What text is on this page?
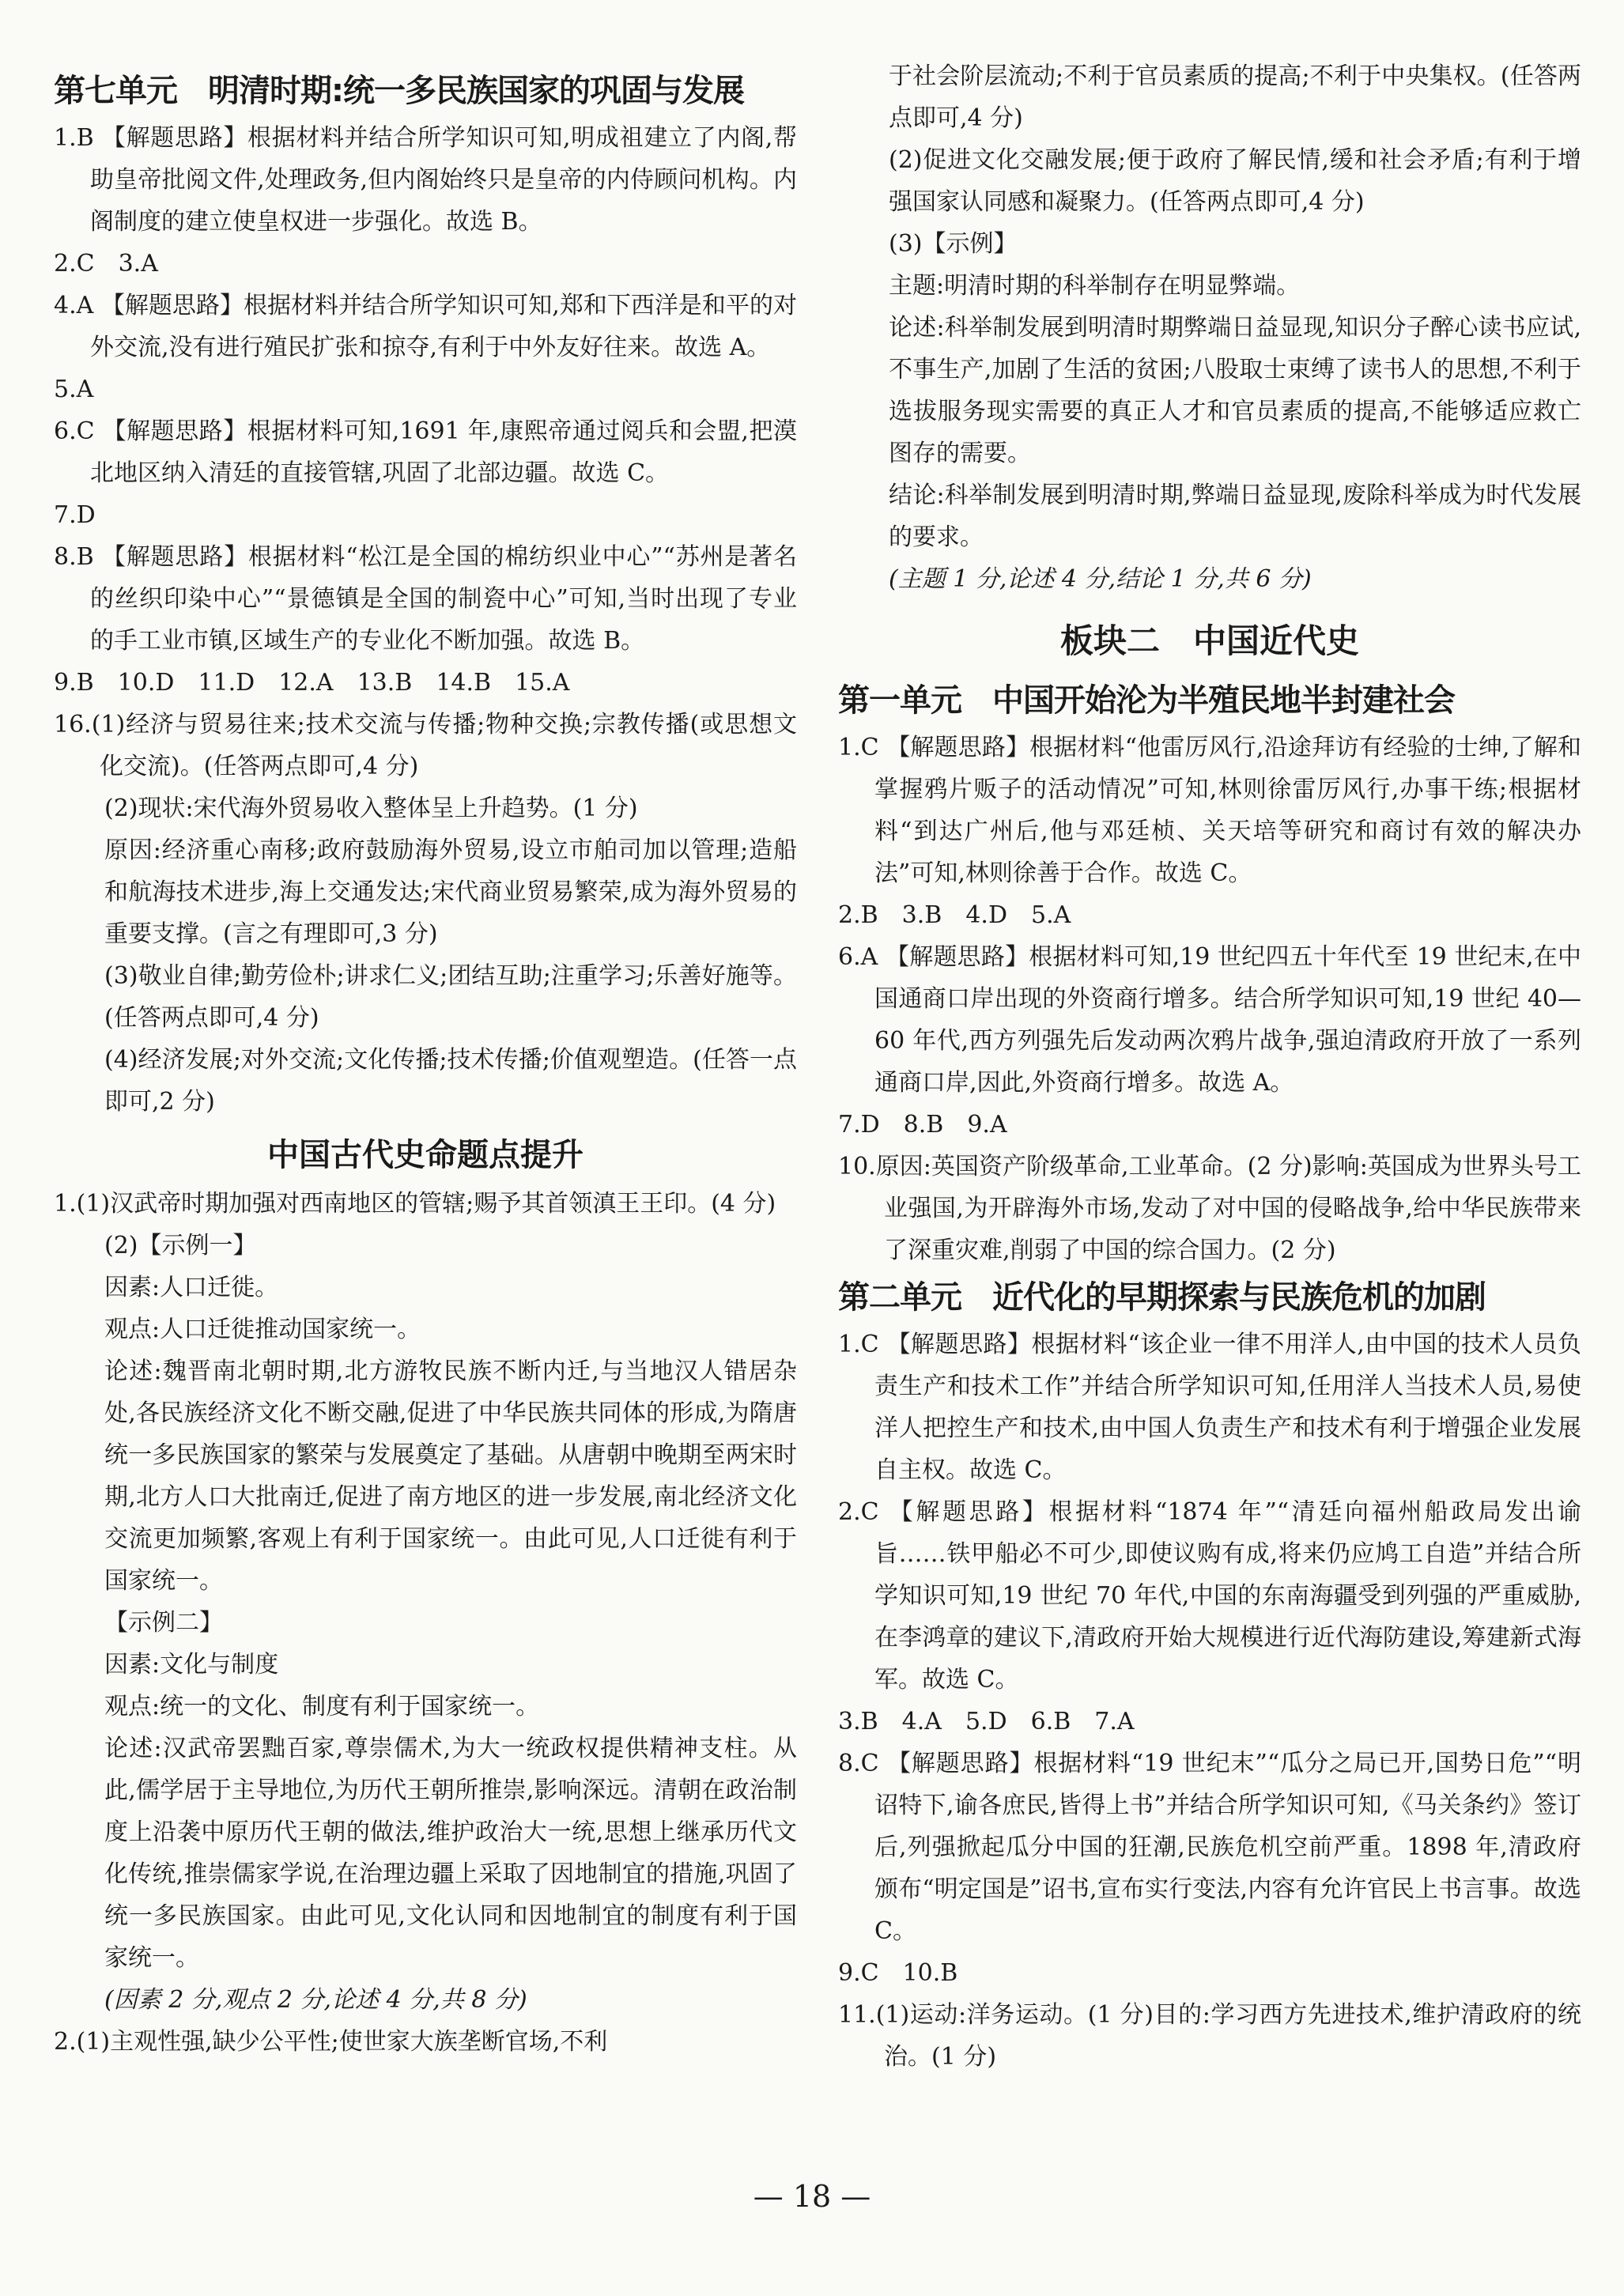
第七单元　明清时期:统一多民族国家的巩固与发展

1.B 【解题思路】根据材料并结合所学知识可知,明成祖建立了内阁,帮助皇帝批阅文件,处理政务,但内阁始终只是皇帝的内侍顾问机构。内阁制度的建立使皇权进一步强化。故选 B。

2.C　3.A

4.A 【解题思路】根据材料并结合所学知识可知,郑和下西洋是和平的对外交流,没有进行殖民扩张和掠夺,有利于中外友好往来。故选 A。

5.A

6.C 【解题思路】根据材料可知,1691 年,康熙帝通过阅兵和会盟,把漠北地区纳入清廷的直接管辖,巩固了北部边疆。故选 C。

7.D

8.B 【解题思路】根据材料“松江是全国的棉纺织业中心”“苏州是著名的丝织印染中心”“景德镇是全国的制瓷中心”可知,当时出现了专业的手工业市镇,区域生产的专业化不断加强。故选 B。

9.B　10.D　11.D　12.A　13.B　14.B　15.A

16.(1)经济与贸易往来;技术交流与传播;物种交换;宗教传播(或思想文化交流)。(任答两点即可,4 分)

(2)现状:宋代海外贸易收入整体呈上升趋势。(1 分)

原因:经济重心南移;政府鼓励海外贸易,设立市舶司加以管理;造船和航海技术进步,海上交通发达;宋代商业贸易繁荣,成为海外贸易的重要支撑。(言之有理即可,3 分)

(3)敬业自律;勤劳俭朴;讲求仁义;团结互助;注重学习;乐善好施等。(任答两点即可,4 分)

(4)经济发展;对外交流;文化传播;技术传播;价值观塑造。(任答一点即可,2 分)

中国古代史命题点提升

1.(1)汉武帝时期加强对西南地区的管辖;赐予其首领滇王王印。(4 分)

(2)【示例一】

因素:人口迁徙。

观点:人口迁徙推动国家统一。

论述:魏晋南北朝时期,北方游牧民族不断内迁,与当地汉人错居杂处,各民族经济文化不断交融,促进了中华民族共同体的形成,为隋唐统一多民族国家的繁荣与发展奠定了基础。从唐朝中晚期至两宋时期,北方人口大批南迁,促进了南方地区的进一步发展,南北经济文化交流更加频繁,客观上有利于国家统一。由此可见,人口迁徙有利于国家统一。

【示例二】

因素:文化与制度

观点:统一的文化、制度有利于国家统一。

论述:汉武帝罢黜百家,尊崇儒术,为大一统政权提供精神支柱。从此,儒学居于主导地位,为历代王朝所推崇,影响深远。清朝在政治制度上沿袭中原历代王朝的做法,维护政治大一统,思想上继承历代文化传统,推崇儒家学说,在治理边疆上采取了因地制宜的措施,巩固了统一多民族国家。由此可见,文化认同和因地制宜的制度有利于国家统一。

(因素 2 分,观点 2 分,论述 4 分,共 8 分)

2.(1)主观性强,缺少公平性;使世家大族垄断官场,不利

于社会阶层流动;不利于官员素质的提高;不利于中央集权。(任答两点即可,4 分)

(2)促进文化交融发展;便于政府了解民情,缓和社会矛盾;有利于增强国家认同感和凝聚力。(任答两点即可,4 分)

(3)【示例】

主题:明清时期的科举制存在明显弊端。

论述:科举制发展到明清时期弊端日益显现,知识分子醉心读书应试,不事生产,加剧了生活的贫困;八股取士束缚了读书人的思想,不利于选拔服务现实需要的真正人才和官员素质的提高,不能够适应救亡图存的需要。

结论:科举制发展到明清时期,弊端日益显现,废除科举成为时代发展的要求。

(主题 1 分,论述 4 分,结论 1 分,共 6 分)

板块二　中国近代史

第一单元　中国开始沦为半殖民地半封建社会

1.C 【解题思路】根据材料“他雷厉风行,沿途拜访有经验的士绅,了解和掌握鸦片贩子的活动情况”可知,林则徐雷厉风行,办事干练;根据材料“到达广州后,他与邓廷桢、关天培等研究和商讨有效的解决办法”可知,林则徐善于合作。故选 C。

2.B　3.B　4.D　5.A

6.A 【解题思路】根据材料可知,19 世纪四五十年代至 19 世纪末,在中国通商口岸出现的外资商行增多。结合所学知识可知,19 世纪 40—60 年代,西方列强先后发动两次鸦片战争,强迫清政府开放了一系列通商口岸,因此,外资商行增多。故选 A。

7.D　8.B　9.A

10.原因:英国资产阶级革命,工业革命。(2 分)影响:英国成为世界头号工业强国,为开辟海外市场,发动了对中国的侵略战争,给中华民族带来了深重灾难,削弱了中国的综合国力。(2 分)

第二单元　近代化的早期探索与民族危机的加剧

1.C 【解题思路】根据材料“该企业一律不用洋人,由中国的技术人员负责生产和技术工作”并结合所学知识可知,任用洋人当技术人员,易使洋人把控生产和技术,由中国人负责生产和技术有利于增强企业发展自主权。故选 C。

2.C 【解题思路】根据材料“1874 年”“清廷向福州船政局发出谕旨……铁甲船必不可少,即使议购有成,将来仍应鸠工自造”并结合所学知识可知,19 世纪 70 年代,中国的东南海疆受到列强的严重威胁,在李鸿章的建议下,清政府开始大规模进行近代海防建设,筹建新式海军。故选 C。

3.B　4.A　5.D　6.B　7.A

8.C 【解题思路】根据材料“19 世纪末”“瓜分之局已开,国势日危”“明诏特下,谕各庶民,皆得上书”并结合所学知识可知,《马关条约》签订后,列强掀起瓜分中国的狂潮,民族危机空前严重。1898 年,清政府颁布“明定国是”诏书,宣布实行变法,内容有允许官民上书言事。故选 C。

9.C　10.B

11.(1)运动:洋务运动。(1 分)目的:学习西方先进技术,维护清政府的统治。(1 分)

— 18 —
